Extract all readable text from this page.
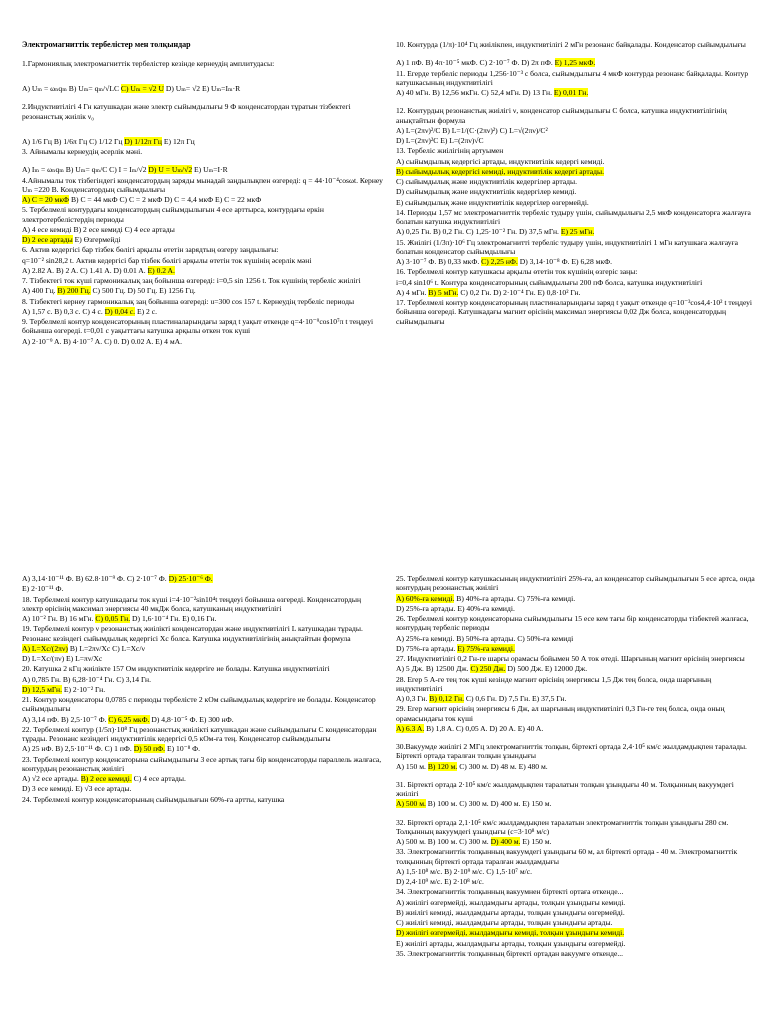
Электромагниттік тербелістер мен толқындар
1.Гармониялық электромагниттік тербелістер кезінде кернеудің амплитудасы:
A) Uₘ = ωₙqₘ B) Uₘ= qₘ/√LC C) Uₘ = √2 U D) Uₘ= √2 E) Uₘ=Iₘ·R
2.Индуктивтілігі 4 Гн катушкадан және электр сыйымдылығы 9 Ф конденсатордан тұратын тізбектегі резонанстық жиілік ν₀
A) 1/6 Гц B) 1/6π Гц C) 1/12 Гц D) 1/12π Гц E) 12π Гц
3. Айнымалы кернеудің әсерлік мәні.
A) Iₘ = ωₙqₘ B) Uₘ= qₘ/C C) I = Iₘ/√2 D) U = Uₘ/√2 E) Uₘ=I·R
4.Айнымалы ток тізбегіндегі конденсатордың заряды мынадай заңдылықпен өзгереді: q = 44·10⁻⁴cosωt. Кернеу Uₘ =220 В. Конденсатордың сыйымдылығы
A) C = 20 мкФ B) C = 44 мкФ C) C = 2 мкФ D) C = 4,4 мкФ E) C = 22 мкФ
5. Тербелмелі контурдағы конденсатордың сыйымдылығын 4 есе арттырса, контурдағы еркін электротербелістердің периоды
A) 4 есе кемиді B) 2 есе кемиді C) 4 есе артады
D) 2 есе артады E) Өзгермейді
6. Актив кедергісі бар тізбек бөлігі арқылы өтетін зарядтың өзгеру заңдылығы:
q=10⁻² sin28,2 t. Актив кедергісі бар тізбек бөлігі арқылы өтетін ток күшінің әсерлік мәні
A) 2.82 A. B) 2 A. C) 1.41 A. D) 0.01 A. E) 0.2 A.
7. Тізбектегі ток күші гармоникалық заң бойынша өзгереді: i=0,5 sin 1256 t. Ток күшінің тербеліс жиілігі
A) 400 Гц. B) 200 Гц. C) 500 Гц. D) 50 Гц. E) 1256 Гц.
8. Тізбектегі кернеу гармоникалық заң бойынша өзгереді: u=300 cos 157 t. Кернеудің тербеліс периоды
A) 1,57 с. B) 0,3 с. C) 4 с. D) 0,04 с. E) 2 с.
9. Тербелмелі контур конденсаторының пластиналарындағы заряд t уақыт өткенде q=4·10⁻⁹cos10⁷π t теңдеуі бойынша өзгереді. t=0,01 с уақыттағы катушка арқылы өткен ток күші
A) 2·10⁻⁹ A. B) 4·10⁻⁷ A. C) 0. D) 0.02 A. E) 4 мА.
10. Контурда (1/π)·10⁴ Гц жиілікпен, индуктивтілігі 2 мГн резонанс байқалады. Конденсатор сыйымдылығы
A) 1 пФ. B) 4π·10⁻⁵ мкФ. C) 2·10⁻⁷ Ф. D) 2π пФ. E) 1,25 мкФ.
11. Егерде тербеліс периоды 1,256·10⁻³ с болса, сыйымдылығы 4 мкФ контурда резонанс байқалады. Контур катушкасының индуктивтілігі
A) 40 мГн. B) 12,56 мкГн. C) 52,4 мГн. D) 13 Гн. E) 0,01 Гн.
12. Контурдың резонанстық жиілігі ν, конденсатор сыйымдылығы C болса, катушка индуктивтілігінің анықтайтын формула
A) L=(2πν)²/C B) L=1/(C·(2πν)²) C) L=√(2πν)/C²
D) L=(2πν)²C E) L=(2πν)√C
13. Тербеліс жиілігінің артуымен
A) сыйымдылық кедергісі артады, индуктивтілік кедергі кемиді.
B) сыйымдылық кедергісі кемиді, индуктивтілік кедергі артады.
C) сыйымдылық және индуктивтілік кедергілер артады.
D) сыйымдылық және индуктивтілік кедергілер кемиді.
E) сыйымдылық және индуктивтілік кедергілер өзгермейді.
14. Периоды 1,57 мс электромагниттік тербеліс тудыру үшін, сыйымдылығы 2,5 мкФ конденсаторға жалғауға болатын катушка индуктивтілігі
A) 0,25 Гн. B) 0,2 Гн. C) 1,25·10⁻² Гн. D) 37,5 мГн. E) 25 мГн.
15. Жиілігі (1/3π)·10⁶ Гц электромагнитті тербеліс тудыру үшін, индуктивтілігі 1 мГн катушкаға жалғауға болатын конденсатор сыйымдылығы
A) 3·10⁻⁷ Ф. B) 0,33 мкФ. C) 2,25 нФ. D) 3,14·10⁻⁸ Ф. E) 6,28 мкФ.
16. Тербелмелі контур катушкасы арқылы өтетін ток күшінің өзгеріс заңы:
i=0,4 sin10⁶ t. Контура конденсаторының сыйымдылығы 200 пФ болса, катушка индуктивтілігі
A) 4 мГн. B) 5 мГн. C) 0,2 Гн. D) 2·10⁻⁴ Гн. E) 0,8·10² Гн.
17. Тербелмелі контур конденсаторының пластиналарындағы заряд t уақыт өткенде q=10⁻³cos4,4·10² t теңдеуі бойынша өзгереді. Катушкадағы магнит өрісінің максимал энергиясы 0,02 Дж болса, конденсатордың сыйымдылығы
A) 3,14·10⁻¹¹ Ф. B) 62.8·10⁻⁹ Ф. C) 2·10⁻⁷ Ф. D) 25·10⁻⁶ Ф.
E) 2·10⁻¹¹ Ф.
18. Тербелмелі контур катушкадағы ток күші i=4·10⁻²sin10⁴t теңдеуі бойынша өзгереді. Конденсатордың электр өрісінің максимал энергиясы 40 мкДж болса, катушканың индуктивтілігі
A) 10⁻² Гн. B) 16 мГн. C) 0,05 Гн. D) 1,6·10⁻⁴ Гн. E) 0,16 Гн.
19. Тербелмелі контур ν резонанстық жиілікті конденсатордан және индуктивтілігі L катушкадан тұрады. Резонанс кезіндегі сыйымдылық кедергісі Xc болса. Катушка индуктивтілігінің анықтайтын формула
A) L=Xc/(2πν) B) L=2πν/Xc C) L=Xc/ν
D) L=Xc/(πν) E) L=πν/Xc
20. Катушка 2 кГц жиілікте 157 Ом индуктивтілік кедергіге ие болады. Катушка индуктивтілігі
A) 0,785 Гн. B) 6,28·10⁻⁴ Гн. C) 3,14 Гн.
D) 12,5 мГн. E) 2·10⁻² Гн.
21. Контур конденсаторы 0,0785 с периоды тербелісте 2 кОм сыйымдылық кедергіге ие болады. Конденсатор сыйымдылығы
A) 3,14 пФ. B) 2,5·10⁻⁷ Ф. C) 6,25 мкФ. D) 4,8·10⁻⁵ Ф. E) 300 нФ.
22. Тербелмелі контур (1/5π)·10⁸ Гц резонанстық жиілікті катушкадан және сыйымдылығы C конденсатордан тұрады. Резонанс кезіндегі индуктивтілік кедергісі 0,5 кОм-ға тең. Конденсатор сыйымдылығы
A) 25 нФ. B) 2,5·10⁻¹¹ Ф. C) 1 пФ. D) 50 пФ. E) 10⁻⁸ Ф.
23. Тербелмелі контур конденсаторына сыйымдылығы 3 есе артық тағы бір конденсаторды параллель жалғаса, контурдың резонанстық жиілігі
A) √2 есе артады. B) 2 есе кемиді. C) 4 есе артады.
D) 3 есе кемиді. E) √3 есе артады.
24. Тербелмелі контур конденсаторының сыйымдылығын 60%-ға артты, катушка
25. Тербелмелі контур катушкасының индуктивтілігі 25%-ға, ал конденсатор сыйымдылығын 5 есе артса, онда контурдың резонанстық жиілігі
A) 60%-ға кемиді. B) 40%-ға артады. C) 75%-ға кемиді.
D) 25%-ға артады. E) 40%-ға кемиді.
26. Тербелмелі контур конденсаторына сыйымдылығы 15 есе кем тағы бір конденсаторды тізбектей жалғаса, контурдың тербеліс периоды
A) 25%-ға кемиді. B) 50%-ға артады. C) 50%-ға кемиді
D) 75%-ға артады. E) 75%-ға кемиді.
27. Индуктивтілігі 0,2 Гн-ге шарғы орамасы бойымен 50 А ток өтеді. Шарғының магнит өрісінің энергиясы
A) 5 Дж. B) 12500 Дж. C) 250 Дж. D) 500 Дж. E) 12000 Дж.
28. Егер 5 А-ге тең ток күші кезінде магнит өрісінің энергиясы 1,5 Дж тең болса, онда шарғының индуктивтілігі
A) 0,3 Гн. B) 0,12 Гн. C) 0,6 Гн. D) 7,5 Гн. E) 37,5 Гн.
29. Егер магнит өрісінің энергиясы 6 Дж, ал шарғының индуктивтілігі 0,3 Гн-ге тең болса, онда оның орамасындағы ток күші
A) 6.3 A. B) 1,8 A. C) 0,05 A. D) 20 A. E) 40 A.
30.Вакуумде жиілігі 2 МГц электромагниттік толқын, біртекті ортада 2,4·10⁵ км/с жылдамдықпен таралады. Біртекті ортада таралған толқын ұзындығы
A) 150 м. B) 120 м. C) 300 м. D) 48 м. E) 480 м.
31. Біртекті ортада 2·10⁵ км/с жылдамдықпен таралатын толқын ұзындығы 40 м. Толқынның вакуумдегі жиілігі
A) 500 м. B) 100 м. C) 300 м. D) 400 м. E) 150 м.
32. Біртекті ортада 2,1·10⁵ км/с жылдамдықпен таралатын электромагниттік толқын ұзындығы 280 см. Толқынның вакуумдегі ұзындығы (c=3·10⁸ м/с)
A) 500 м. B) 100 м. C) 300 м. D) 400 м. E) 150 м.
33. Электромагниттік толқынның вакуумдегі ұзындығы 60 м, ал біртекті ортада - 40 м. Электромагниттік толқынның біртекті ортада таралған жылдамдығы
A) 1,5·10⁸ м/с. B) 2·10⁹ м/с. C) 1,5·10⁷ м/с.
D) 2,4·10⁹ м/с. E) 2·10⁸ м/с.
34. Электромагниттік толқынның вакуумнен біртекті ортаға өткенде...
A) жиілігі өзгермейді, жылдамдығы артады, толқын ұзындығы кемиді.
B) жиілігі кемиді, жылдамдығы артады, толқын ұзындығы өзгермейді.
C) жиілігі кемиді, жылдамдығы артады, толқын ұзындығы артады.
D) жиілігі өзгермейді, жылдамдығы кемиді, толқын ұзындығы кемиді.
E) жиілігі артады, жылдамдығы артады, толқын ұзындығы өзгермейді.
35. Электромагниттік толқынның біртекті ортадан вакуумге өткенде...
